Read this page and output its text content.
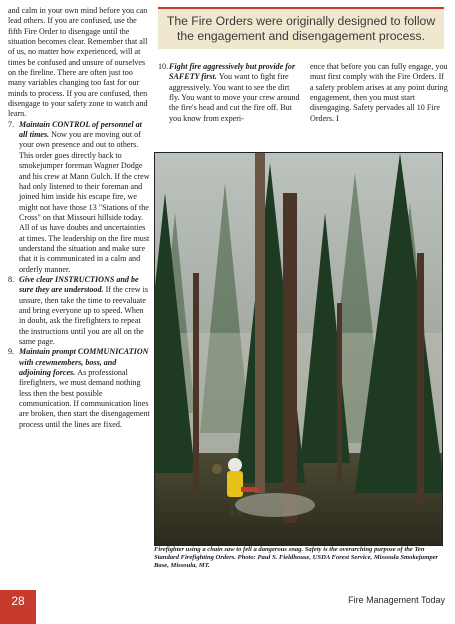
and calm in your own mind before you can lead others. If you are confused, use the fifth Fire Order to disengage until the situation becomes clear. Remember that all of us, no matter how experienced, will at times be confused and unsure of ourselves on the fireline. There are often just too many variables changing too fast for our minds to process. If you are confused, then disengage to your safety zone to watch and learn.

7. Maintain CONTROL of personnel at all times. Now you are moving out of your own presence and out to others. This order goes directly back to smokejumper foreman Wagner Dodge and his crew at Mann Gulch. If the crew had only listened to their foreman and joined him inside his escape fire, we might not have those 13 "Stations of the Cross" on that Missouri hillside today. All of us have doubts and uncertainties at times. The leadership on the fire must understand the situation and make sure that it is communicated in a calm and orderly manner.
8. Give clear INSTRUCTIONS and be sure they are understood. If the crew is unsure, then take the time to reevaluate and bring everyone up to speed. When in doubt, ask the firefighters to repeat the instructions until you are all on the same page.
9. Maintain prompt COMMUNICATION with crewmembers, boss, and adjoining forces. As professional firefighters, we must demand nothing less then the best possible communication. If communication lines are broken, then start the disengagement process until the lines are fixed.
The Fire Orders were originally designed to follow the engagement and disengagement process.
10. Fight fire aggressively but provide for SAFETY first. You want to fight fire aggressively. You want to see the dirt fly. You want to move your crew around the fire's head and cut the fire off. But you know from experi-
ence that before you can fully engage, you must first comply with the Fire Orders. If a safety problem arises at any point during engagement, then you must start disengaging. Safety pervades all 10 Fire Orders. I
Firefighter using a chain saw to fell a dangerous snag. Safety is the overarching purpose of the Ten Standard Firefighting Orders. Photo: Paul S. Fieldhouse, USDA Forest Service, Missoula Smokejumper Base, Missoula, MT.
28	Fire Management Today
